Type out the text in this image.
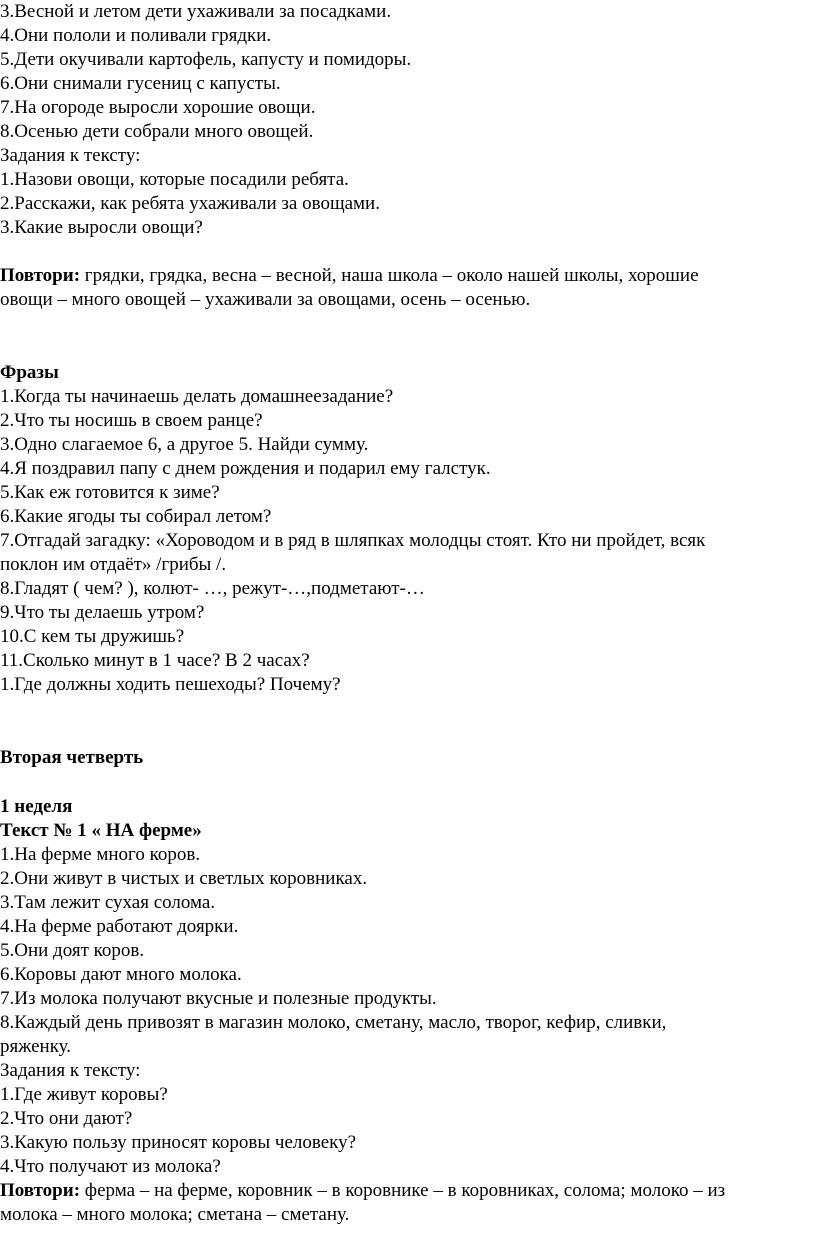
3.Весной и летом дети ухаживали за посадками.
4.Они пололи и поливали грядки.
5.Дети окучивали картофель, капусту и помидоры.
6.Они снимали гусениц с капусты.
7.На огороде выросли хорошие овощи.
8.Осенью дети собрали много овощей.
Задания к тексту:
1.Назови овощи, которые посадили ребята.
2.Расскажи, как ребята ухаживали за овощами.
3.Какие выросли овощи?
Повтори: грядки, грядка, весна – весной, наша школа – около нашей школы, хорошие
овощи – много овощей – ухаживали за овощами, осень – осенью.
Фразы
1.Когда ты начинаешь делать домашнеезадание?
2.Что ты носишь в своем ранце?
3.Одно слагаемое 6, а другое 5. Найди сумму.
4.Я поздравил папу с днем рождения и подарил ему галстук.
5.Как еж готовится к зиме?
6.Какие ягоды ты собирал летом?
7.Отгадай загадку: «Хороводом и в ряд в шляпках молодцы стоят. Кто ни пройдет, всяк
поклон им отдаёт» /грибы /.
8.Гладят ( чем? ), колют- …, режут-…,подметают-…
9.Что ты делаешь утром?
10.С кем ты дружишь?
11.Сколько минут в 1 часе? В 2 часах?
1.Где должны ходить пешеходы? Почему?
Вторая четверть
1 неделя
Текст № 1 « НА ферме»
1.На ферме много коров.
2.Они живут в чистых и светлых коровниках.
3.Там лежит сухая солома.
4.На ферме работают доярки.
5.Они доят коров.
6.Коровы дают много молока.
7.Из молока получают вкусные и полезные продукты.
8.Каждый день привозят в магазин молоко, сметану, масло, творог, кефир, сливки,
ряженку.
Задания к тексту:
1.Где живут коровы?
2.Что они дают?
3.Какую пользу приносят коровы человеку?
4.Что получают из молока?
Повтори: ферма – на ферме, коровник – в коровнике – в коровниках, солома; молоко – из
молока – много молока; сметана – сметану.
